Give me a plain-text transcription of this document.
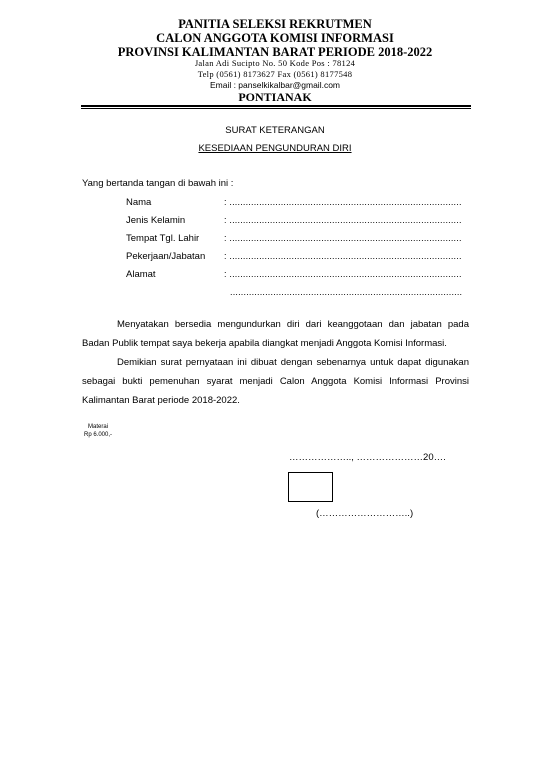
PANITIA SELEKSI REKRUTMEN
CALON ANGGOTA KOMISI INFORMASI
PROVINSI KALIMANTAN BARAT PERIODE 2018-2022
Jalan Adi Sucipto No. 50 Kode Pos : 78124
Telp (0561) 8173627 Fax (0561) 8177548
Email : panselkikalbar@gmail.com
PONTIANAK
SURAT KETERANGAN
KESEDIAAN PENGUNDURAN DIRI
Yang bertanda tangan di bawah ini :
Nama	: ......................................................................................
Jenis Kelamin	: ......................................................................................
Tempat Tgl. Lahir	: ......................................................................................
Pekerjaan/Jabatan : ......................................................................................
Alamat	: ......................................................................................
......................................................................................
Menyatakan bersedia mengundurkan diri dari keanggotaan dan jabatan pada Badan Publik tempat saya bekerja apabila diangkat menjadi Anggota Komisi Informasi.
Demikian surat pernyataan ini dibuat dengan sebenarnya untuk dapat digunakan sebagai bukti pemenuhan syarat menjadi Calon Anggota Komisi Informasi Provinsi Kalimantan Barat periode 2018-2022.
Materai
Rp 6.000,-
……………….., …………………20….
(………………………..)
